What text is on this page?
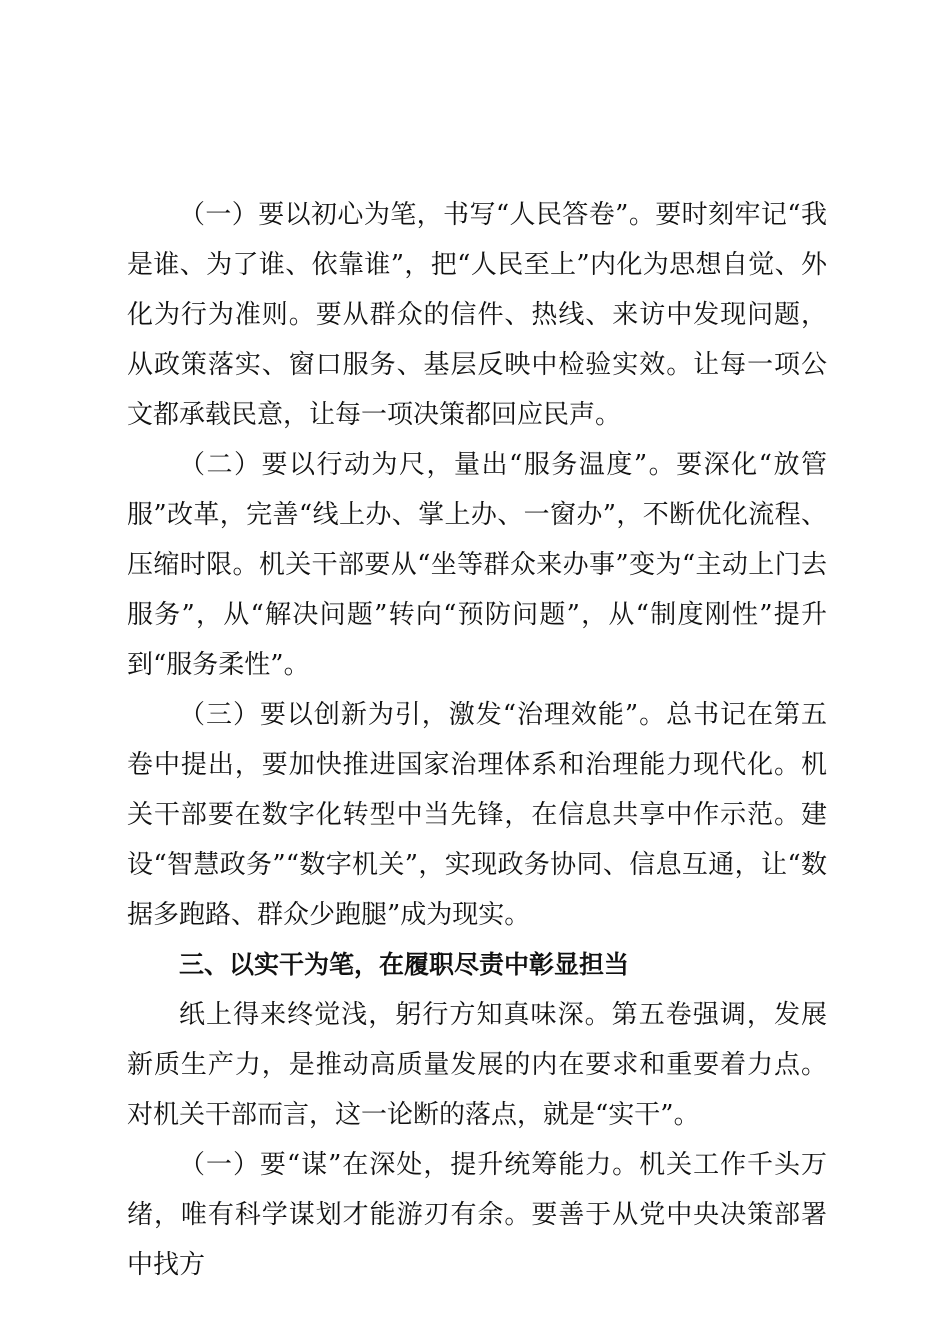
（一）要以初心为笔，书写“人民答卷”。要时刻牢记“我是谁、为了谁、依靠谁”，把“人民至上”内化为思想自觉、外化为行为准则。要从群众的信件、热线、来访中发现问题，从政策落实、窗口服务、基层反映中检验实效。让每一项公文都承载民意，让每一项决策都回应民声。

（二）要以行动为尺，量出“服务温度”。要深化“放管服”改革，完善“线上办、掌上办、一窗办”，不断优化流程、压缩时限。机关干部要从“坐等群众来办事”变为“主动上门去服务”，从“解决问题”转向“预防问题”，从“制度刚性”提升到“服务柔性”。

（三）要以创新为引，激发“治理效能”。总书记在第五卷中提出，要加快推进国家治理体系和治理能力现代化。机关干部要在数字化转型中当先锋，在信息共享中作示范。建设“智慧政务”“数字机关”，实现政务协同、信息互通，让“数据多跑路、群众少跑腿”成为现实。

三、以实干为笔，在履职尽责中彰显担当

纸上得来终觉浅，躬行方知真味深。第五卷强调，发展新质生产力，是推动高质量发展的内在要求和重要着力点。对机关干部而言，这一论断的落点，就是“实干”。

（一）要“谋”在深处，提升统筹能力。机关工作千头万绪，唯有科学谋划才能游刃有余。要善于从党中央决策部署中找方
